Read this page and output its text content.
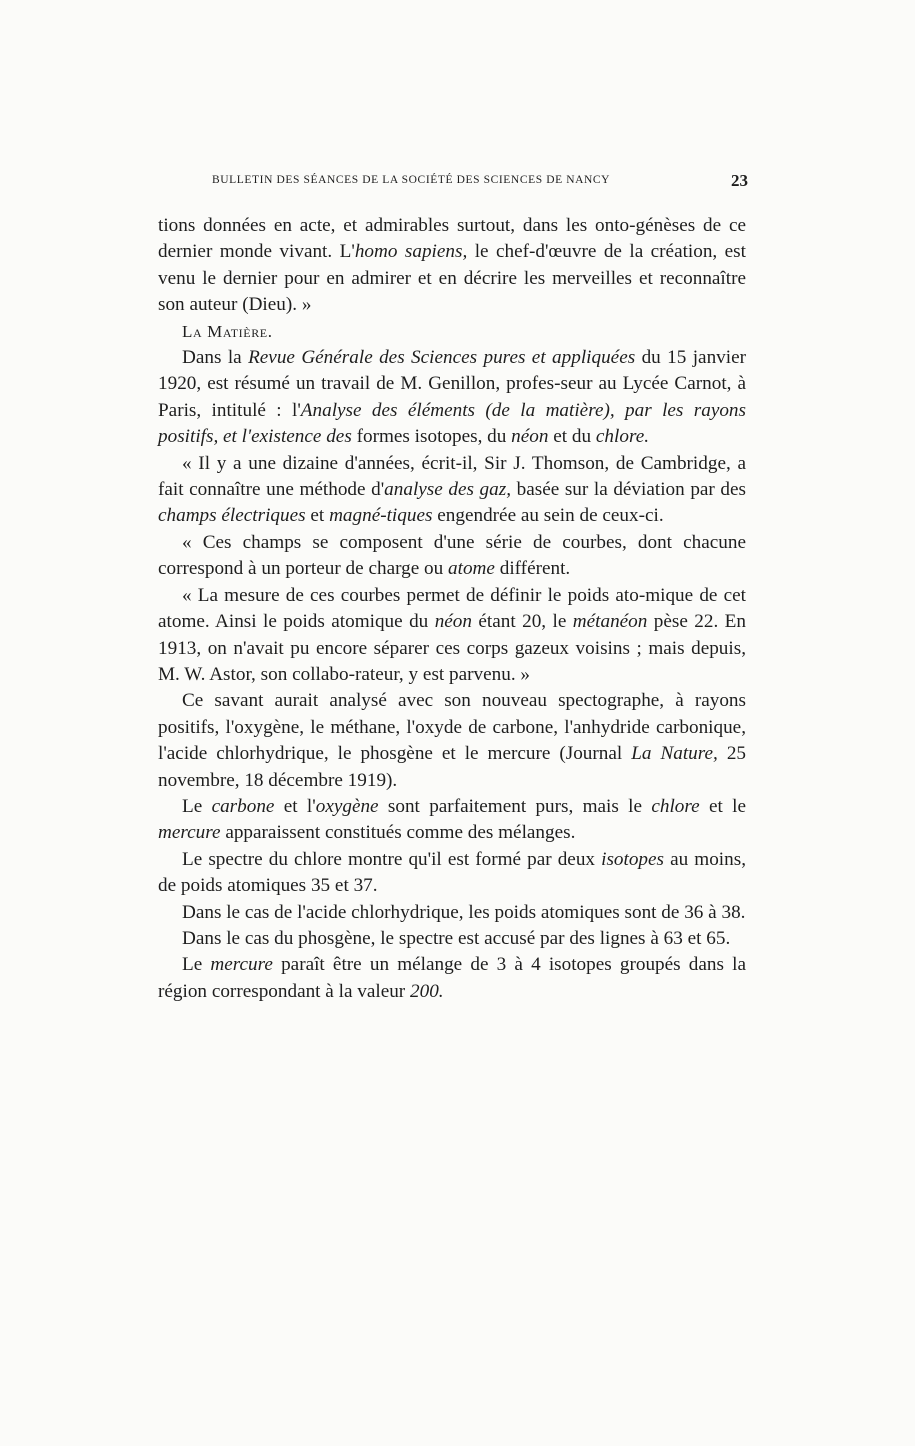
BULLETIN DES SÉANCES DE LA SOCIÉTÉ DES SCIENCES DE NANCY	23

tions données en acte, et admirables surtout, dans les onto-génèses de ce dernier monde vivant. L'homo sapiens, le chef-d'œuvre de la création, est venu le dernier pour en admirer et en décrire les merveilles et reconnaître son auteur (Dieu). »

La Matière.

Dans la Revue Générale des Sciences pures et appliquées du 15 janvier 1920, est résumé un travail de M. Genillon, profes-seur au Lycée Carnot, à Paris, intitulé : l'Analyse des éléments (de la matière), par les rayons positifs, et l'existence des formes isotopes, du néon et du chlore.

« Il y a une dizaine d'années, écrit-il, Sir J. Thomson, de Cambridge, a fait connaître une méthode d'analyse des gaz, basée sur la déviation par des champs électriques et magné-tiques engendrée au sein de ceux-ci.

« Ces champs se composent d'une série de courbes, dont chacune correspond à un porteur de charge ou atome différent.

« La mesure de ces courbes permet de définir le poids ato-mique de cet atome. Ainsi le poids atomique du néon étant 20, le métanéon pèse 22. En 1913, on n'avait pu encore séparer ces corps gazeux voisins ; mais depuis, M. W. Astor, son collabo-rateur, y est parvenu. »

Ce savant aurait analysé avec son nouveau spectographe, à rayons positifs, l'oxygène, le méthane, l'oxyde de carbone, l'anhydride carbonique, l'acide chlorhydrique, le phosgène et le mercure (Journal La Nature, 25 novembre, 18 décembre 1919).

Le carbone et l'oxygène sont parfaitement purs, mais le chlore et le mercure apparaissent constitués comme des mélanges.

Le spectre du chlore montre qu'il est formé par deux isotopes au moins, de poids atomiques 35 et 37.

Dans le cas de l'acide chlorhydrique, les poids atomiques sont de 36 à 38.

Dans le cas du phosgène, le spectre est accusé par des lignes à 63 et 65.

Le mercure paraît être un mélange de 3 à 4 isotopes groupés dans la région correspondant à la valeur 200.
